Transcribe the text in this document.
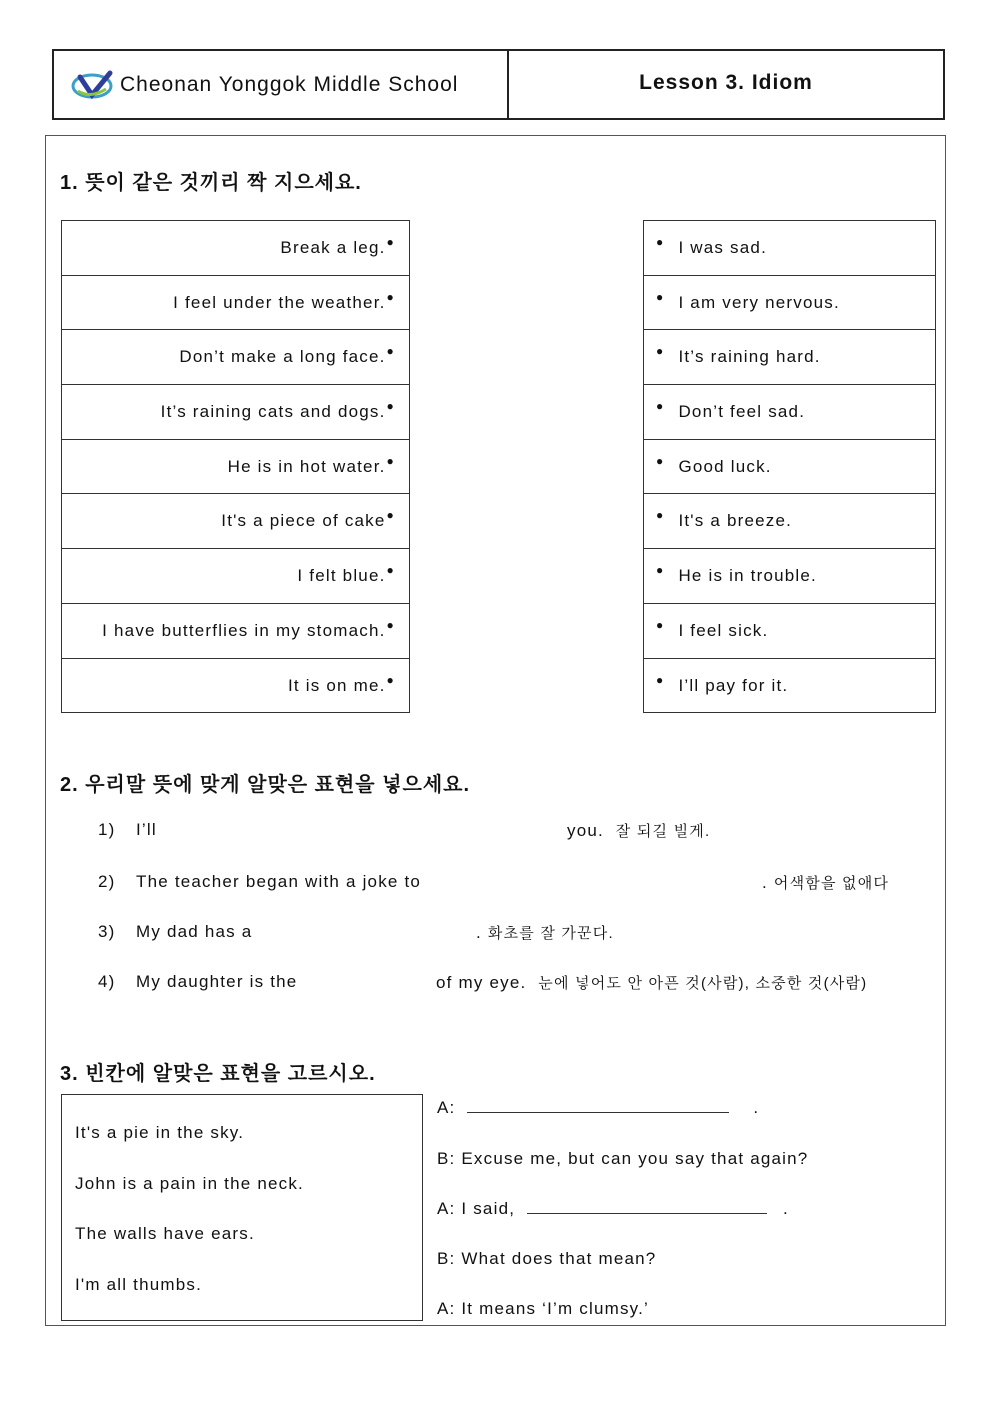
Cheonan Yonggok Middle School	Lesson 3. Idiom
1. 뜻이 같은 것끼리 짝 지으세요.
Break a leg. ●
I feel under the weather. ●
Don’t make a long face. ●
It’s raining cats and dogs. ●
He is in hot water. ●
It's a piece of cake ●
I felt blue. ●
I have butterflies in my stomach. ●
It is on me. ●
● I was sad.
● I am very nervous.
● It’s raining hard.
● Don’t feel sad.
● Good luck.
● It's a breeze.
● He is in trouble.
● I feel sick.
● I’ll pay for it.
2. 우리말 뜻에 맞게 알맞은 표현을 넣으세요.
1) I’ll	you. 잘 되길 빌게.
2) The teacher began with a joke to	. 어색함을 없애다
3) My dad has a	. 화초를 잘 가꾼다.
4) My daughter is the	of my eye. 눈에 넣어도 안 아픈 것(사람), 소중한 것(사람)
3. 빈칸에 알맞은 표현을 고르시오.
It's a pie in the sky.
John is a pain in the neck.
The walls have ears.
I'm all thumbs.
A:	.
B: Excuse me, but can you say that again?
A: I said,	.
B: What does that mean?
A: It means ‘I’m clumsy.’
